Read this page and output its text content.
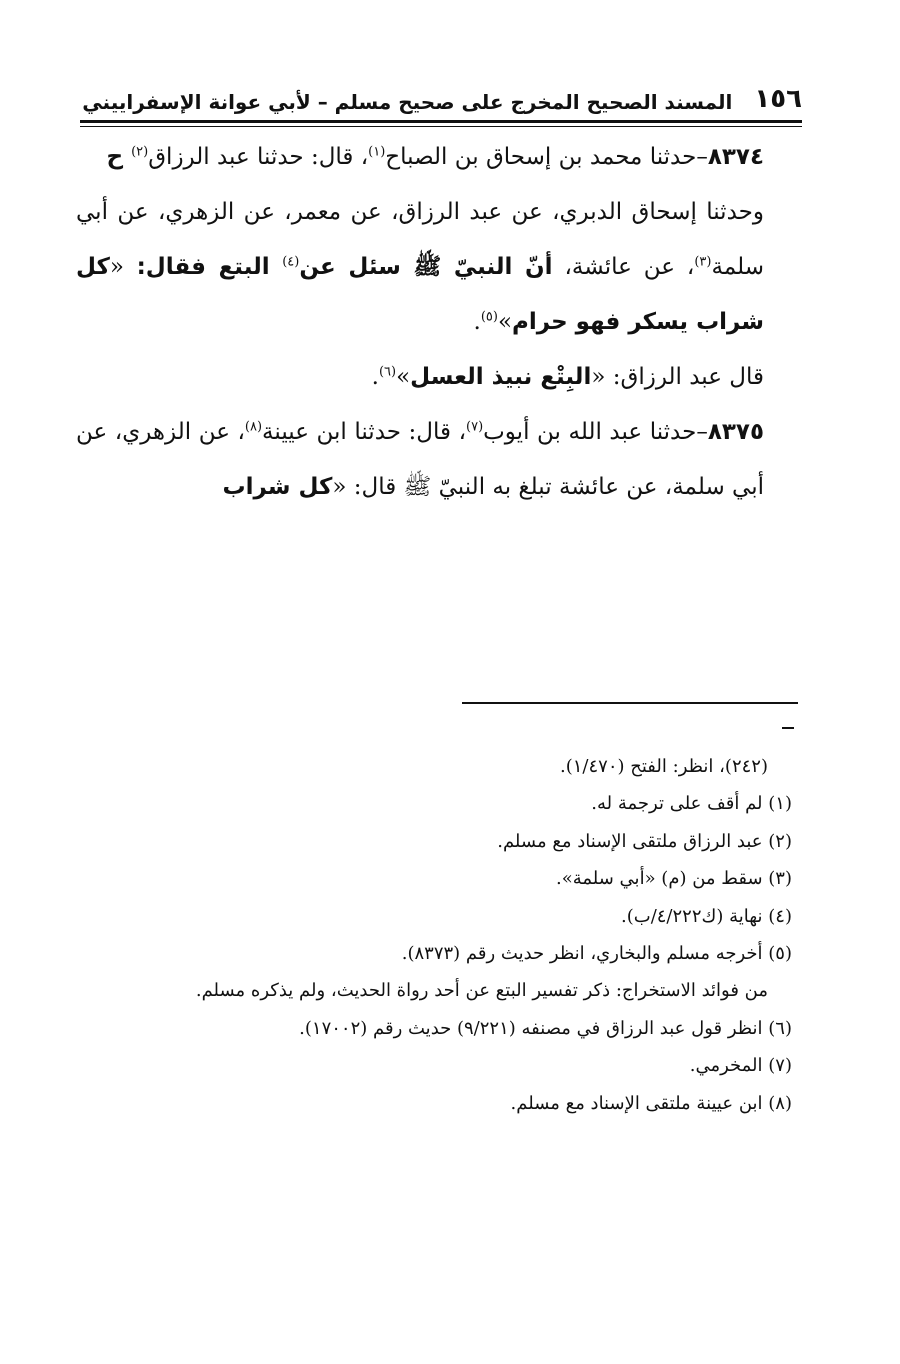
١٥٦
المسند الصحيح المخرج على صحيح مسلم – لأبي عوانة الإسفراييني

٨٣٧٤–حدثنا محمد بن إسحاق بن الصباح$^{(١)}$، قال: حدثنا عبد الرزاق$^{(٢)}$ ح

وحدثنا إسحاق الدبري، عن عبد الرزاق، عن معمر، عن الزهري، عن أبي سلمة$^{(٣)}$، عن عائشة، أنّ النبيّ ﷺ سئل عن$^{(٤)}$ البتع فقال: «كل شراب يسكر فهو حرام»$^{(٥)}$.

قال عبد الرزاق: «البِتْع نبيذ العسل»$^{(٦)}$.

٨٣٧٥–حدثنا عبد الله بن أيوب$^{(٧)}$، قال: حدثنا ابن عيينة$^{(٨)}$، عن الزهري، عن أبي سلمة، عن عائشة تبلغ به النبيّ ﷺ قال: «كل شراب

(٢٤٢)، انظر: الفتح (١/٤٧٠).

(١) لم أقف على ترجمة له.

(٢) عبد الرزاق ملتقى الإسناد مع مسلم.

(٣) سقط من (م) «أبي سلمة».

(٤) نهاية (ك٤/٢٢٢/ب).

(٥) أخرجه مسلم والبخاري، انظر حديث رقم (٨٣٧٣).

من فوائد الاستخراج: ذكر تفسير البتع عن أحد رواة الحديث، ولم يذكره مسلم.

(٦) انظر قول عبد الرزاق في مصنفه (٩/٢٢١) حديث رقم (١٧٠٠٢).

(٧) المخرمي.

(٨) ابن عيينة ملتقى الإسناد مع مسلم.
